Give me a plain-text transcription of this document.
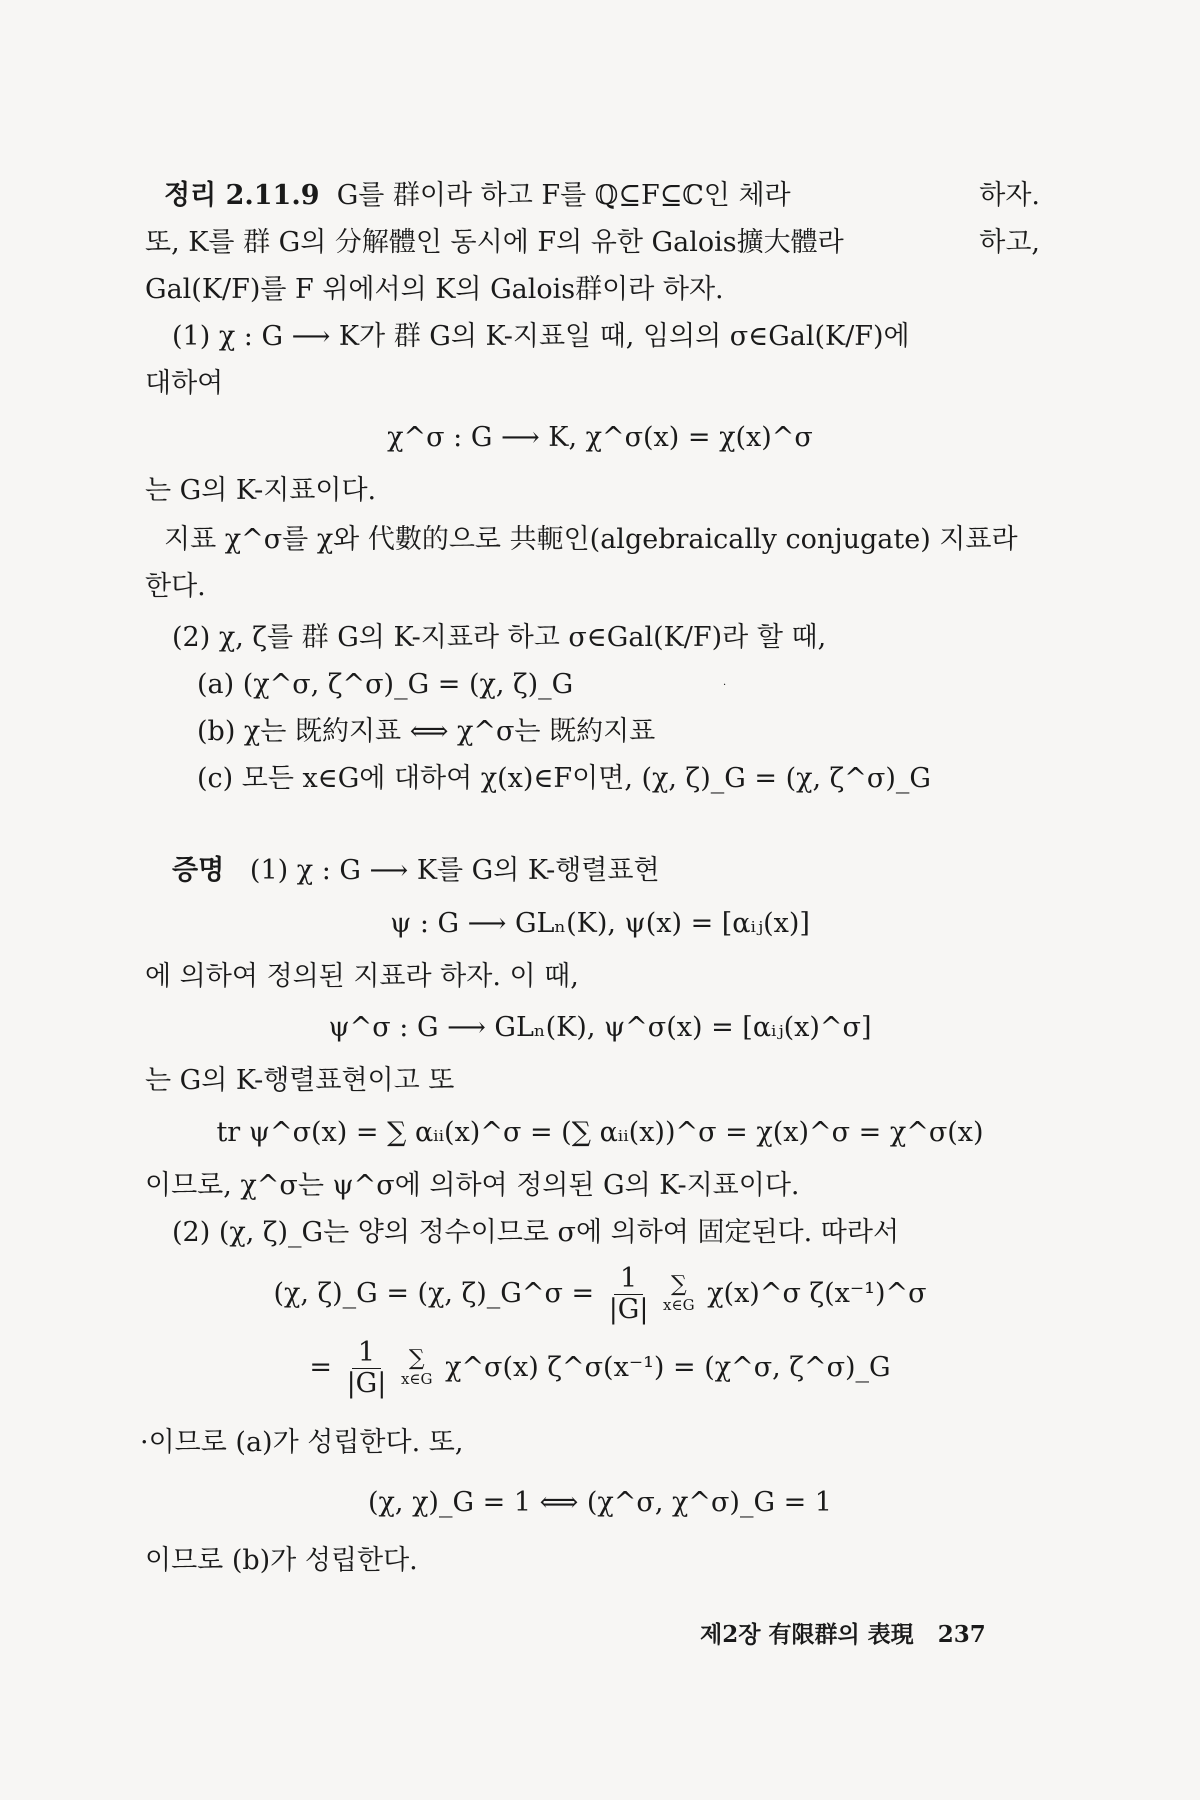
정리 2.11.9 G를 群이라 하고 F를 ℚ⊆F⊆ℂ인 체라	하자.
또, K를 群 G의 分解體인 동시에 F의 유한 Galois擴大體라	하고,
Gal(K/F)를 F 위에서의 K의 Galois群이라 하자.
(1) χ : G ⟶ K가 群 G의 K-지표일 때, 임의의 σ∈Gal(K/F)에
대하여
χ^σ : G ⟶ K, χ^σ(x) = χ(x)^σ
는 G의 K-지표이다.
지표 χ^σ를 χ와 代數的으로 共軛인(algebraically conjugate) 지표라
한다.
(2) χ, ζ를 群 G의 K-지표라 하고 σ∈Gal(K/F)라 할 때,
(a) (χ^σ, ζ^σ)_G = (χ, ζ)_G
(b) χ는 既約지표 ⟺ χ^σ는 既約지표
·
(c) 모든 x∈G에 대하여 χ(x)∈F이면, (χ, ζ)_G = (χ, ζ^σ)_G
증명 (1) χ : G ⟶ K를 G의 K-행렬표현
ψ : G ⟶ GLₙ(K), ψ(x) = [αᵢⱼ(x)]
에 의하여 정의된 지표라 하자. 이 때,
ψ^σ : G ⟶ GLₙ(K), ψ^σ(x) = [αᵢⱼ(x)^σ]
는 G의 K-행렬표현이고 또
tr ψ^σ(x) = ∑ αᵢᵢ(x)^σ = (∑ αᵢᵢ(x))^σ = χ(x)^σ = χ^σ(x)
이므로, χ^σ는 ψ^σ에 의하여 정의된 G의 K-지표이다.
(2) (χ, ζ)_G는 양의 정수이므로 σ에 의하여 固定된다. 따라서
(χ, ζ)_G = (χ, ζ)_G^σ = $\frac{1}{|G|}$
∑
x∈G χ(x)^σ ζ(x⁻¹)^σ
= $\frac{1}{|G|}$
∑
x∈G χ^σ(x) ζ^σ(x⁻¹) = (χ^σ, ζ^σ)_G
·이므로 (a)가 성립한다. 또,
(χ, χ)_G = 1 ⟺ (χ^σ, χ^σ)_G = 1
이므로 (b)가 성립한다.
제2장 有限群의 表現 237
